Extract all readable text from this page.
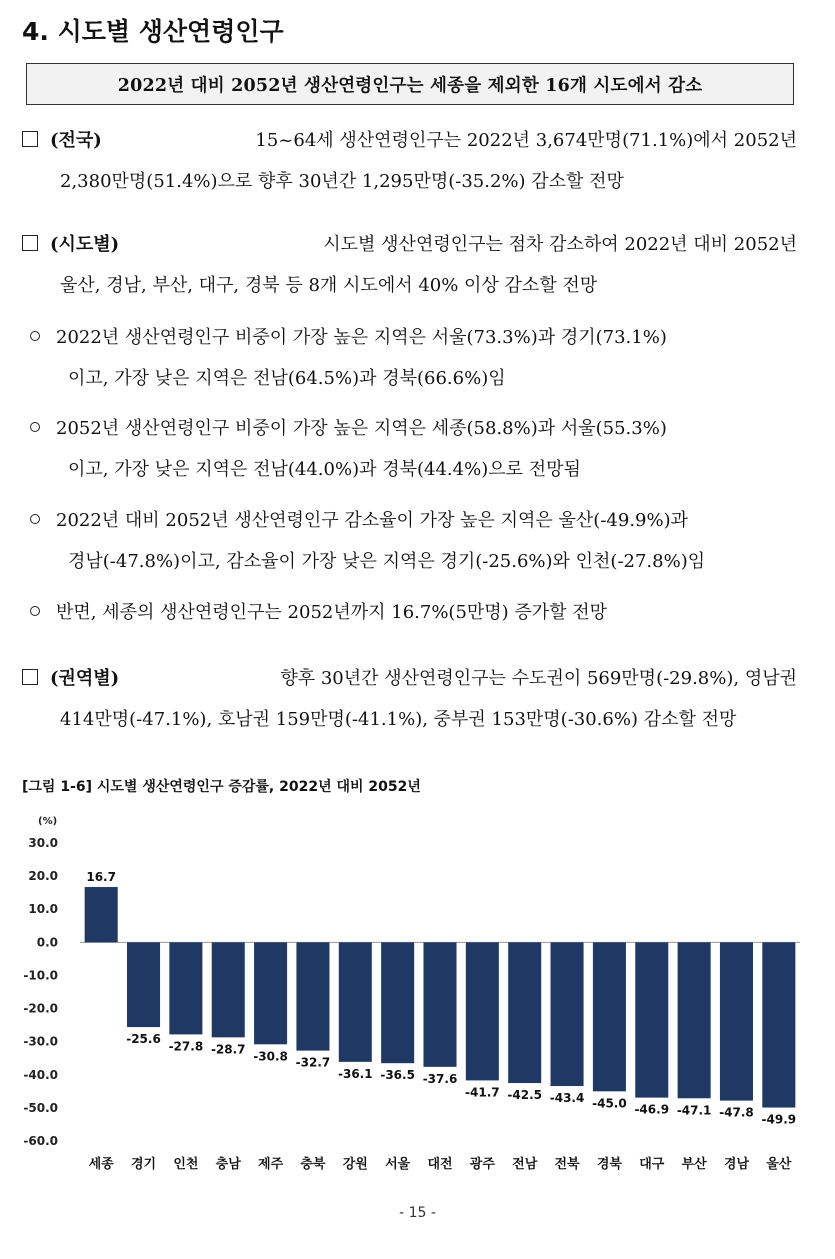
4. 시도별 생산연령인구
2022년 대비 2052년 생산연령인구는 세종을 제외한 16개 시도에서 감소
(전국)	15~64세 생산연령인구는 2022년 3,674만명(71.1%)에서 2052년
2,380만명(51.4%)으로 향후 30년간 1,295만명(-35.2%) 감소할 전망
(시도별)	시도별 생산연령인구는 점차 감소하여 2022년 대비 2052년
울산, 경남, 부산, 대구, 경북 등 8개 시도에서 40% 이상 감소할 전망
2022년 생산연령인구 비중이 가장 높은 지역은 서울(73.3%)과 경기(73.1%)
이고, 가장 낮은 지역은 전남(64.5%)과 경북(66.6%)임
2052년 생산연령인구 비중이 가장 높은 지역은 세종(58.8%)과 서울(55.3%)
이고, 가장 낮은 지역은 전남(44.0%)과 경북(44.4%)으로 전망됨
2022년 대비 2052년 생산연령인구 감소율이 가장 높은 지역은 울산(-49.9%)과
경남(-47.8%)이고, 감소율이 가장 낮은 지역은 경기(-25.6%)와 인천(-27.8%)임
반면, 세종의 생산연령인구는 2052년까지 16.7%(5만명) 증가할 전망
(권역별)	향후 30년간 생산연령인구는 수도권이 569만명(-29.8%), 영남권
414만명(-47.1%), 호남권 159만명(-41.1%), 중부권 153만명(-30.6%) 감소할 전망
[그림 1-6] 시도별 생산연령인구 증감률, 2022년 대비 2052년
(%)
30.0
20.0
10.0
0.0
-10.0
-20.0
-30.0
-40.0
-50.0
-60.0
16.7
세종
-25.6
경기
-27.8
인천
-28.7
충남
-30.8
제주
-32.7
충북
-36.1
강원
-36.5
서울
-37.6
대전
-41.7
광주
-42.5
전남
-43.4
전북
-45.0
경북
-46.9
대구
-47.1
부산
-47.8
경남
-49.9
울산
- 15 -
